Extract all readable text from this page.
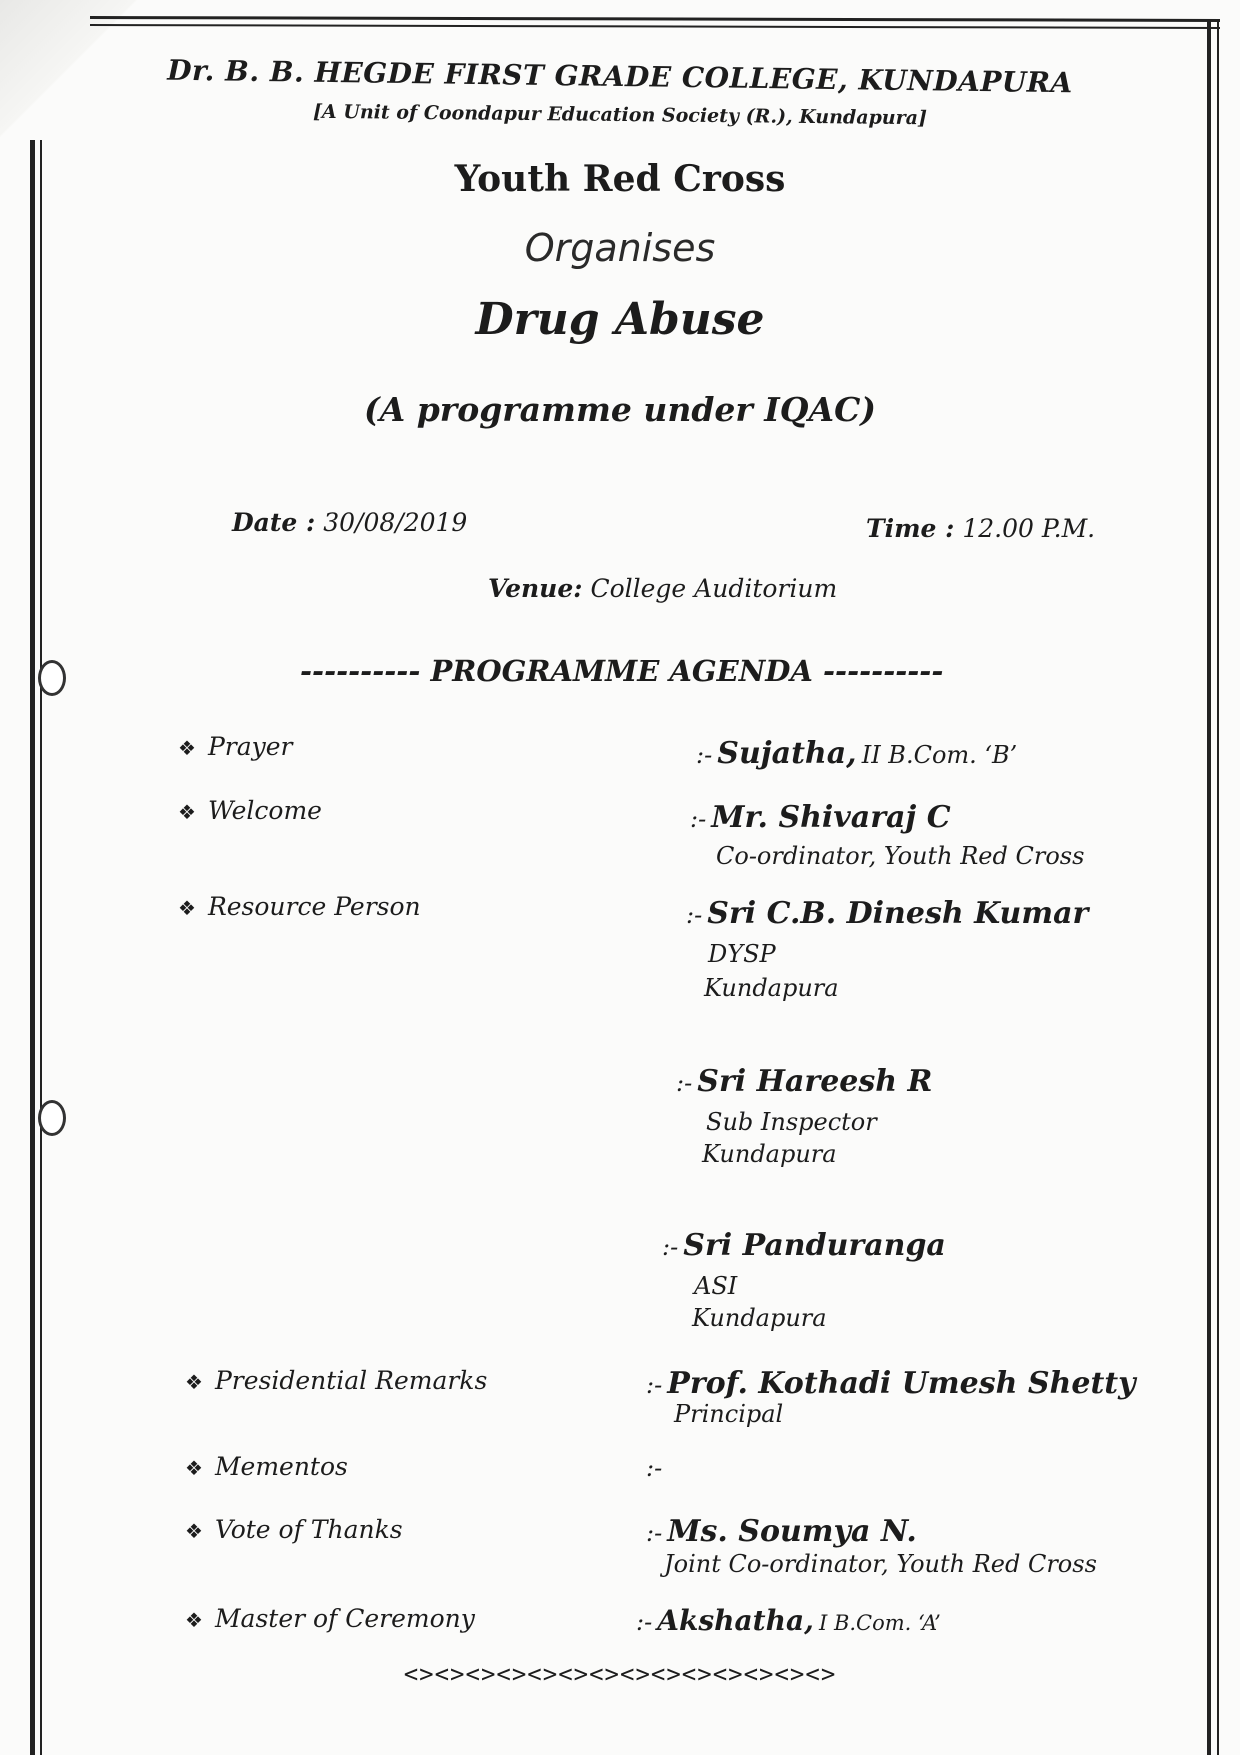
Dr. B. B. HEGDE FIRST GRADE COLLEGE, KUNDAPURA
[A Unit of Coondapur Education Society (R.), Kundapura]
Youth Red Cross
Organises
Drug Abuse
(A programme under IQAC)
Date : 30/08/2019	Time : 12.00 P.M.
Venue: College Auditorium
---------- PROGRAMME AGENDA ----------
❖ Prayer
❖ Welcome
❖ Resource Person
❖ Presidential Remarks
❖ Mementos
❖ Vote of Thanks
❖ Master of Ceremony
:- Sujatha, II B.Com. ‘B’
:- Mr. Shivaraj C
Co-ordinator, Youth Red Cross
:- Sri C.B. Dinesh Kumar
DYSP
Kundapura
:- Sri Hareesh R
Sub Inspector
Kundapura
:- Sri Panduranga
ASI
Kundapura
:- Prof. Kothadi Umesh Shetty
Principal
:-
:- Ms. Soumya N.
Joint Co-ordinator, Youth Red Cross
:- Akshatha, I B.Com. ‘A’
<><><><><><><><><><><><><><>
